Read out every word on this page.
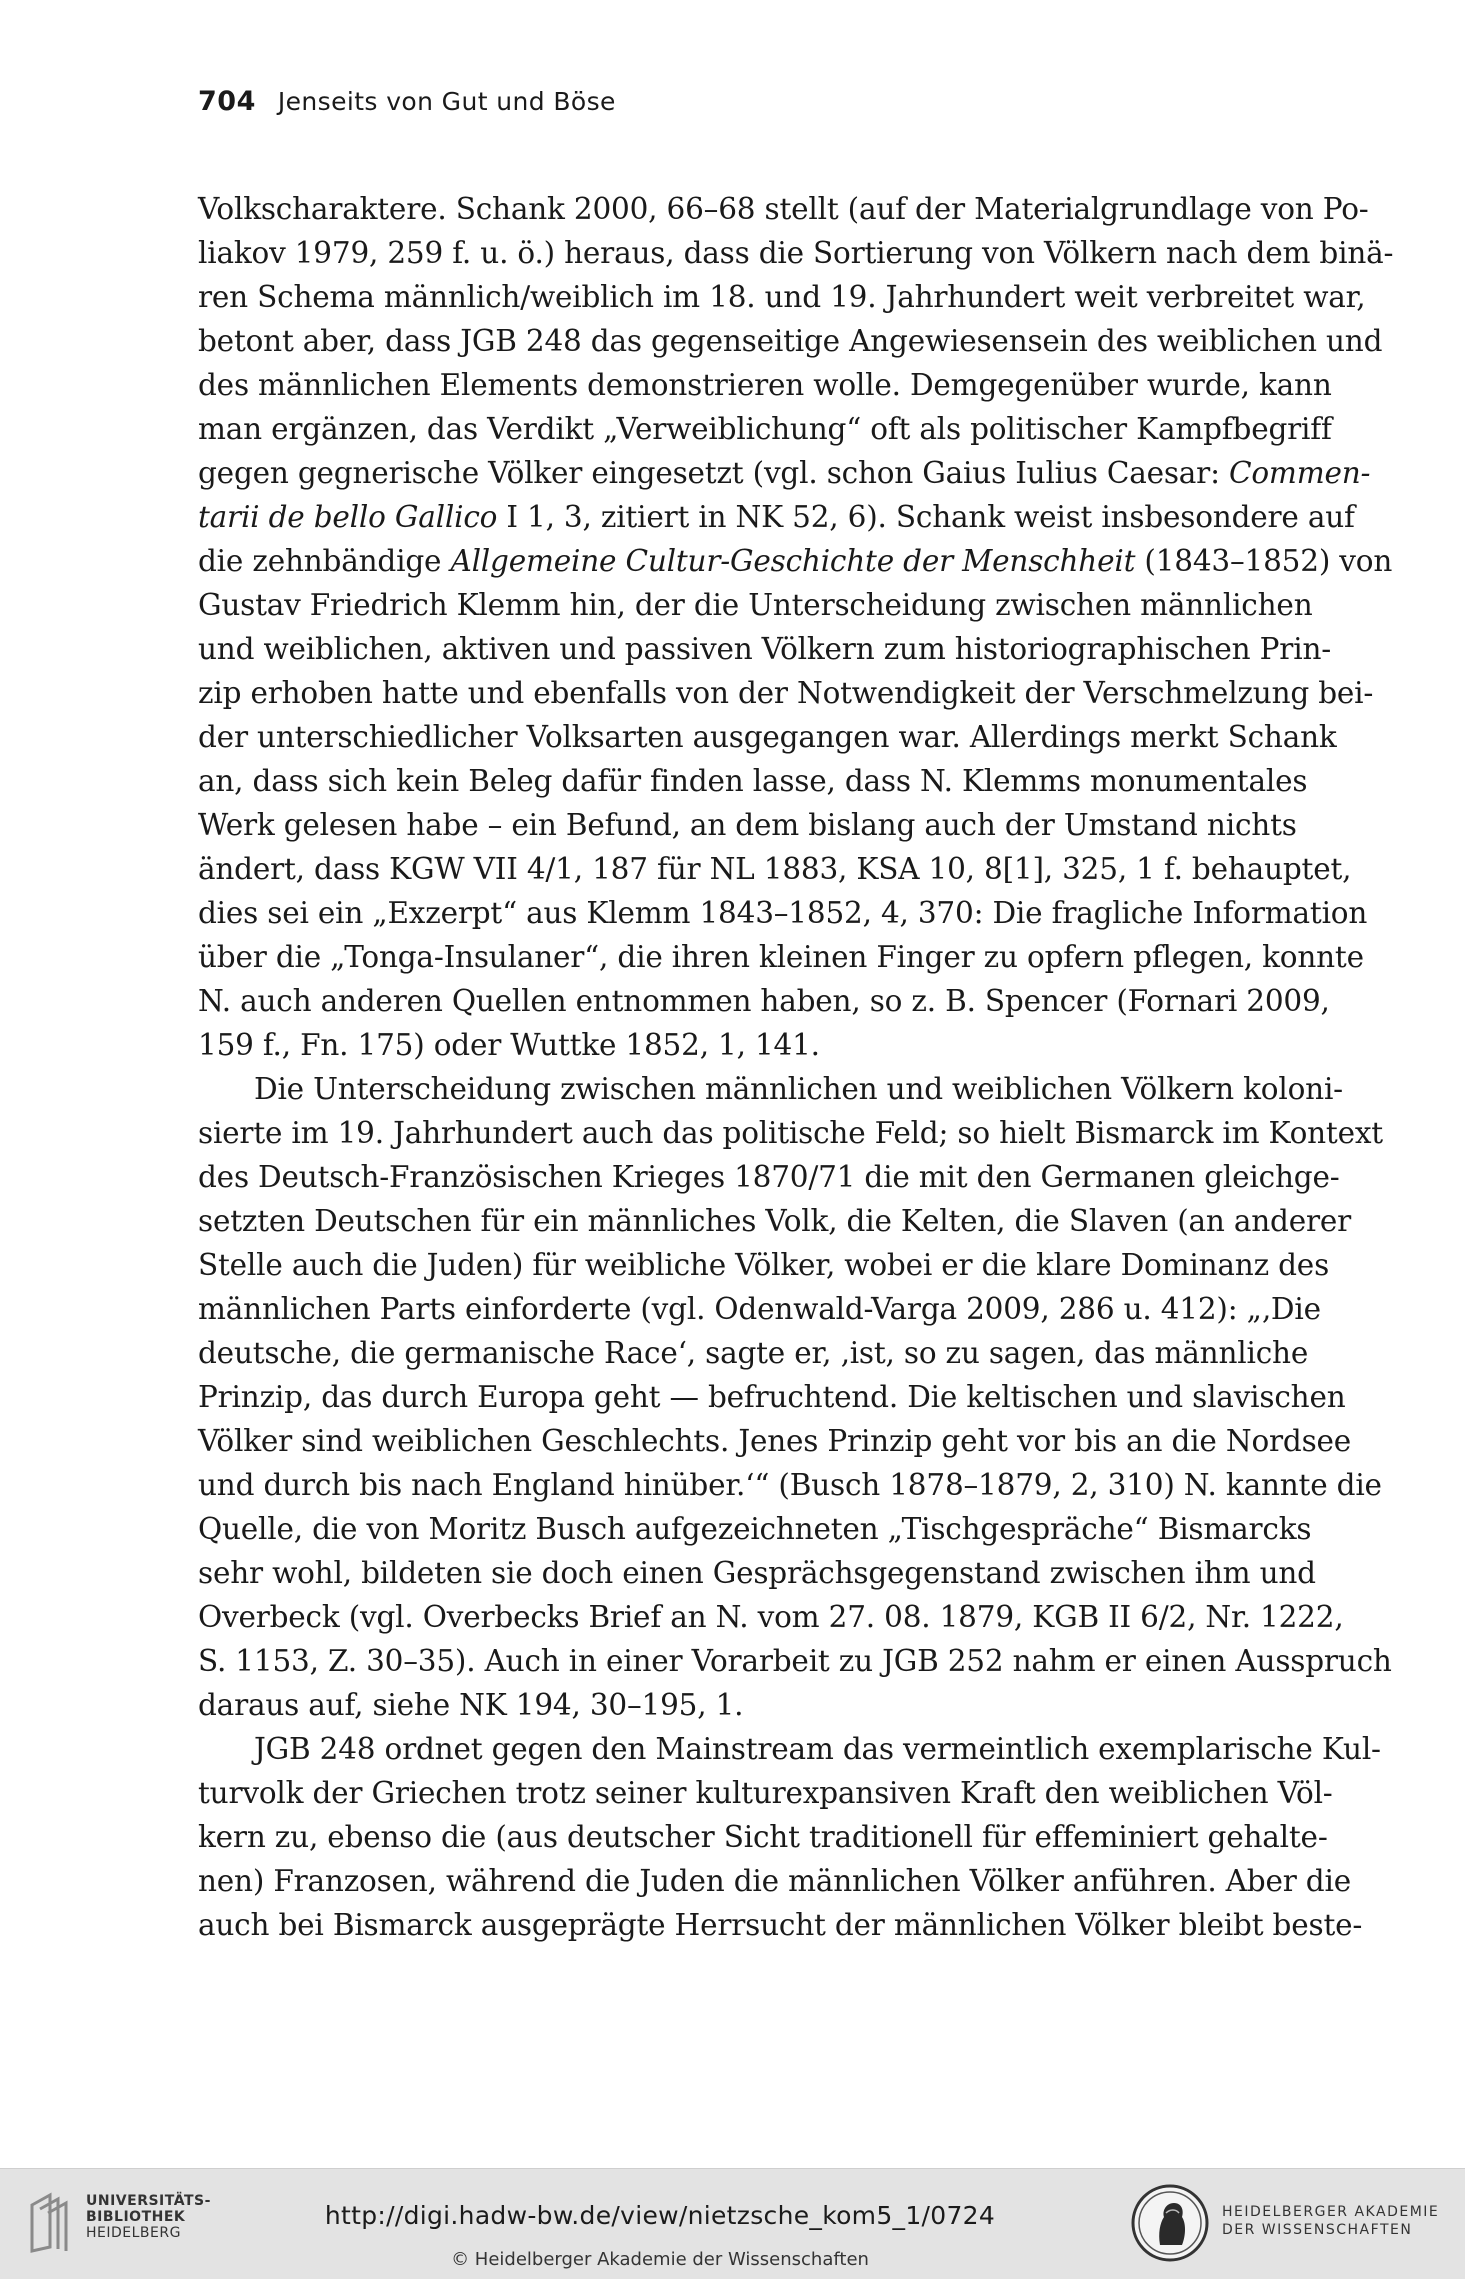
704 Jenseits von Gut und Böse
Volkscharaktere. Schank 2000, 66–68 stellt (auf der Materialgrundlage von Po-
liakov 1979, 259 f. u. ö.) heraus, dass die Sortierung von Völkern nach dem binä-
ren Schema männlich/weiblich im 18. und 19. Jahrhundert weit verbreitet war,
betont aber, dass JGB 248 das gegenseitige Angewiesensein des weiblichen und
des männlichen Elements demonstrieren wolle. Demgegenüber wurde, kann
man ergänzen, das Verdikt „Verweiblichung“ oft als politischer Kampfbegriff
gegen gegnerische Völker eingesetzt (vgl. schon Gaius Iulius Caesar: Commen-
tarii de bello Gallico I 1, 3, zitiert in NK 52, 6). Schank weist insbesondere auf
die zehnbändige Allgemeine Cultur-Geschichte der Menschheit (1843–1852) von
Gustav Friedrich Klemm hin, der die Unterscheidung zwischen männlichen
und weiblichen, aktiven und passiven Völkern zum historiographischen Prin-
zip erhoben hatte und ebenfalls von der Notwendigkeit der Verschmelzung bei-
der unterschiedlicher Volksarten ausgegangen war. Allerdings merkt Schank
an, dass sich kein Beleg dafür finden lasse, dass N. Klemms monumentales
Werk gelesen habe – ein Befund, an dem bislang auch der Umstand nichts
ändert, dass KGW VII 4/1, 187 für NL 1883, KSA 10, 8[1], 325, 1 f. behauptet,
dies sei ein „Exzerpt“ aus Klemm 1843–1852, 4, 370: Die fragliche Information
über die „Tonga-Insulaner“, die ihren kleinen Finger zu opfern pflegen, konnte
N. auch anderen Quellen entnommen haben, so z. B. Spencer (Fornari 2009,
159 f., Fn. 175) oder Wuttke 1852, 1, 141.
Die Unterscheidung zwischen männlichen und weiblichen Völkern koloni-
sierte im 19. Jahrhundert auch das politische Feld; so hielt Bismarck im Kontext
des Deutsch-Französischen Krieges 1870/71 die mit den Germanen gleichge-
setzten Deutschen für ein männliches Volk, die Kelten, die Slaven (an anderer
Stelle auch die Juden) für weibliche Völker, wobei er die klare Dominanz des
männlichen Parts einforderte (vgl. Odenwald-Varga 2009, 286 u. 412): „‚Die
deutsche, die germanische Race‘, sagte er, ‚ist, so zu sagen, das männliche
Prinzip, das durch Europa geht — befruchtend. Die keltischen und slavischen
Völker sind weiblichen Geschlechts. Jenes Prinzip geht vor bis an die Nordsee
und durch bis nach England hinüber.‘“ (Busch 1878–1879, 2, 310) N. kannte die
Quelle, die von Moritz Busch aufgezeichneten „Tischgespräche“ Bismarcks
sehr wohl, bildeten sie doch einen Gesprächsgegenstand zwischen ihm und
Overbeck (vgl. Overbecks Brief an N. vom 27. 08. 1879, KGB II 6/2, Nr. 1222,
S. 1153, Z. 30–35). Auch in einer Vorarbeit zu JGB 252 nahm er einen Ausspruch
daraus auf, siehe NK 194, 30–195, 1.
JGB 248 ordnet gegen den Mainstream das vermeintlich exemplarische Kul-
turvolk der Griechen trotz seiner kulturexpansiven Kraft den weiblichen Völ-
kern zu, ebenso die (aus deutscher Sicht traditionell für effeminiert gehalte-
nen) Franzosen, während die Juden die männlichen Völker anführen. Aber die
auch bei Bismarck ausgeprägte Herrsucht der männlichen Völker bleibt beste-
UNIVERSITÄTS-
BIBLIOTHEK
HEIDELBERG
http://digi.hadw-bw.de/view/nietzsche_kom5_1/0724
© Heidelberger Akademie der Wissenschaften
HEIDELBERGER AKADEMIE
DER WISSENSCHAFTEN
